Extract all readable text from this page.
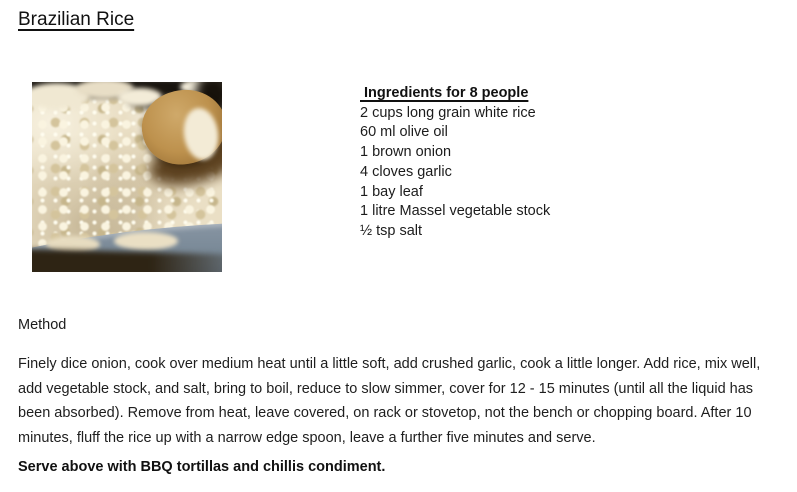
Brazilian Rice
Ingredients for 8 people
2 cups long grain white rice
60 ml olive oil
1 brown onion
4 cloves garlic
1 bay leaf
1 litre Massel vegetable stock
½ tsp salt
Method

Finely dice onion, cook over medium heat until a little soft, add crushed garlic, cook a little longer. Add rice, mix well, add vegetable stock, and salt, bring to boil, reduce to slow simmer, cover for 12 - 15 minutes (until all the liquid has been absorbed). Remove from heat, leave covered, on rack or stovetop, not the bench or chopping board. After 10 minutes, fluff the rice up with a narrow edge spoon, leave a further five minutes and serve.

Serve above with BBQ tortillas and chillis condiment.
